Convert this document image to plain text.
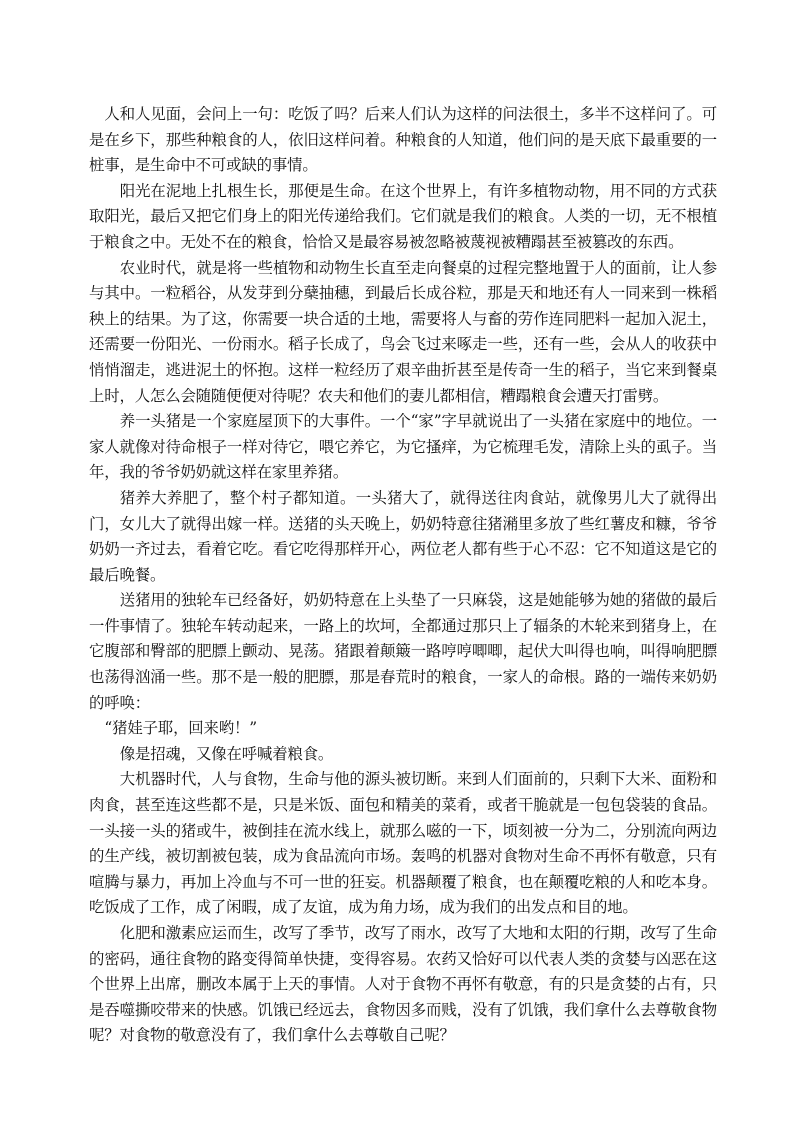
人和人见面，会问上一句：吃饭了吗？后来人们认为这样的问法很土，多半不这样问了。可是在乡下，那些种粮食的人，依旧这样问着。种粮食的人知道，他们问的是天底下最重要的一桩事，是生命中不可或缺的事情。

阳光在泥地上扎根生长，那便是生命。在这个世界上，有许多植物动物，用不同的方式获取阳光，最后又把它们身上的阳光传递给我们。它们就是我们的粮食。人类的一切，无不根植于粮食之中。无处不在的粮食，恰恰又是最容易被忽略被蔑视被糟蹋甚至被篡改的东西。

农业时代，就是将一些植物和动物生长直至走向餐桌的过程完整地置于人的面前，让人参与其中。一粒稻谷，从发芽到分蘖抽穗，到最后长成谷粒，那是天和地还有人一同来到一株稻秧上的结果。为了这，你需要一块合适的土地，需要将人与畜的劳作连同肥料一起加入泥土，还需要一份阳光、一份雨水。稻子长成了，鸟会飞过来啄走一些，还有一些，会从人的收获中悄悄溜走，逃进泥土的怀抱。这样一粒经历了艰辛曲折甚至是传奇一生的稻子，当它来到餐桌上时，人怎么会随随便便对待呢？农夫和他们的妻儿都相信，糟蹋粮食会遭天打雷劈。

养一头猪是一个家庭屋顶下的大事件。一个“家”字早就说出了一头猪在家庭中的地位。一家人就像对待命根子一样对待它，喂它养它，为它搔痒，为它梳理毛发，清除上头的虱子。当年，我的爷爷奶奶就这样在家里养猪。

猪养大养肥了，整个村子都知道。一头猪大了，就得送往肉食站，就像男儿大了就得出门，女儿大了就得出嫁一样。送猪的头天晚上，奶奶特意往猪潲里多放了些红薯皮和糠，爷爷奶奶一齐过去，看着它吃。看它吃得那样开心，两位老人都有些于心不忍：它不知道这是它的最后晚餐。

送猪用的独轮车已经备好，奶奶特意在上头垫了一只麻袋，这是她能够为她的猪做的最后一件事情了。独轮车转动起来，一路上的坎坷，全都通过那只上了辐条的木轮来到猪身上，在它腹部和臀部的肥膘上颤动、晃荡。猪跟着颠簸一路哼哼唧唧，起伏大叫得也响，叫得响肥膘也荡得汹涌一些。那不是一般的肥膘，那是春荒时的粮食，一家人的命根。路的一端传来奶奶的呼唤：

“猪娃子耶，回来哟！”

像是招魂，又像在呼喊着粮食。

大机器时代，人与食物，生命与他的源头被切断。来到人们面前的，只剩下大米、面粉和肉食，甚至连这些都不是，只是米饭、面包和精美的菜肴，或者干脆就是一包包袋装的食品。一头接一头的猪或牛，被倒挂在流水线上，就那么嗞的一下，顷刻被一分为二，分别流向两边的生产线，被切割被包装，成为食品流向市场。轰鸣的机器对食物对生命不再怀有敬意，只有喧腾与暴力，再加上冷血与不可一世的狂妄。机器颠覆了粮食，也在颠覆吃粮的人和吃本身。吃饭成了工作，成了闲暇，成了友谊，成为角力场，成为我们的出发点和目的地。

化肥和激素应运而生，改写了季节，改写了雨水，改写了大地和太阳的行期，改写了生命的密码，通往食物的路变得简单快捷，变得容易。农药又恰好可以代表人类的贪婪与凶恶在这个世界上出席，删改本属于上天的事情。人对于食物不再怀有敬意，有的只是贪婪的占有，只是吞噬撕咬带来的快感。饥饿已经远去，食物因多而贱，没有了饥饿，我们拿什么去尊敬食物呢？对食物的敬意没有了，我们拿什么去尊敬自己呢？
